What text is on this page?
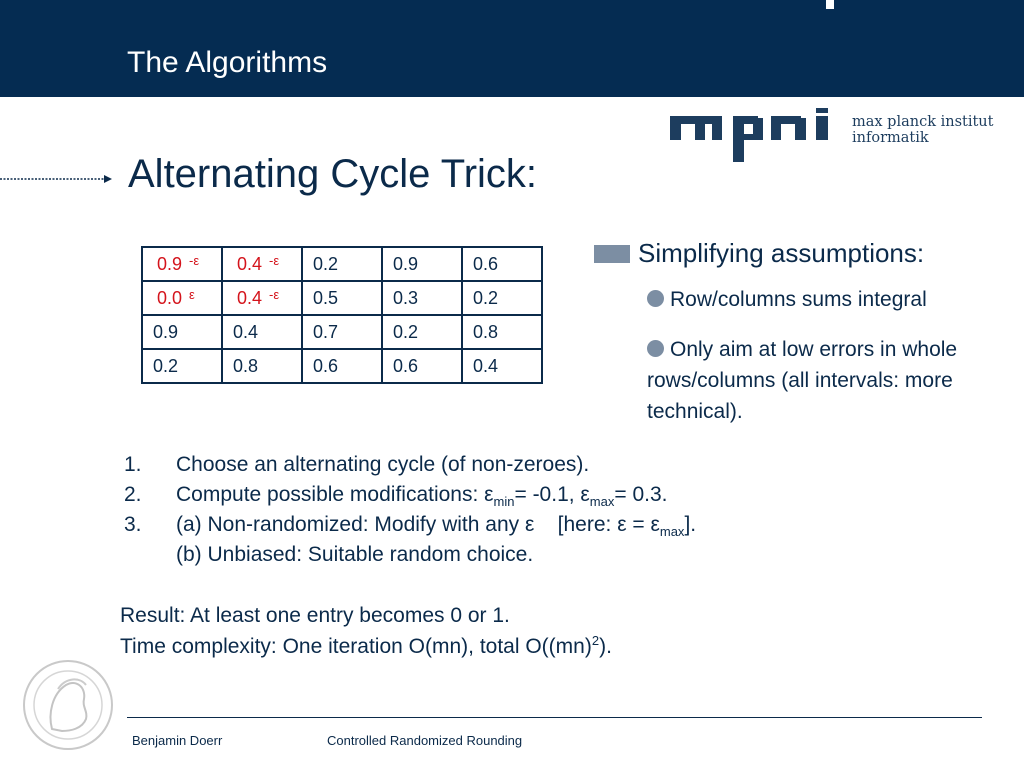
The Algorithms
max planck institut
informatik
Alternating Cycle Trick:
0.9 $^{-\varepsilon}$	0.4 $^{-\varepsilon}$	0.2	0.9	0.6
0.0 $^\varepsilon$	0.4 $^{-\varepsilon}$	0.5	0.3	0.2
0.9	0.4	0.7	0.2	0.8
0.2	0.8	0.6	0.6	0.4
Simplifying assumptions:
Row/columns sums integral
Only aim at low errors in whole rows/columns (all intervals: more technical).
1. Choose an alternating cycle (of non-zeroes).
2. Compute possible modifications: $\varepsilon_{min}= -0.1$, $\varepsilon_{max}= 0.3$.
3. (a) Non-randomized: Modify with any ε    [here: $\varepsilon = \varepsilon_{max}$].
(b) Unbiased: Suitable random choice.
Result: At least one entry becomes 0 or 1.
Time complexity: One iteration O(mn), total O((mn)$^2$).
Benjamin Doerr	Controlled Randomized Rounding
